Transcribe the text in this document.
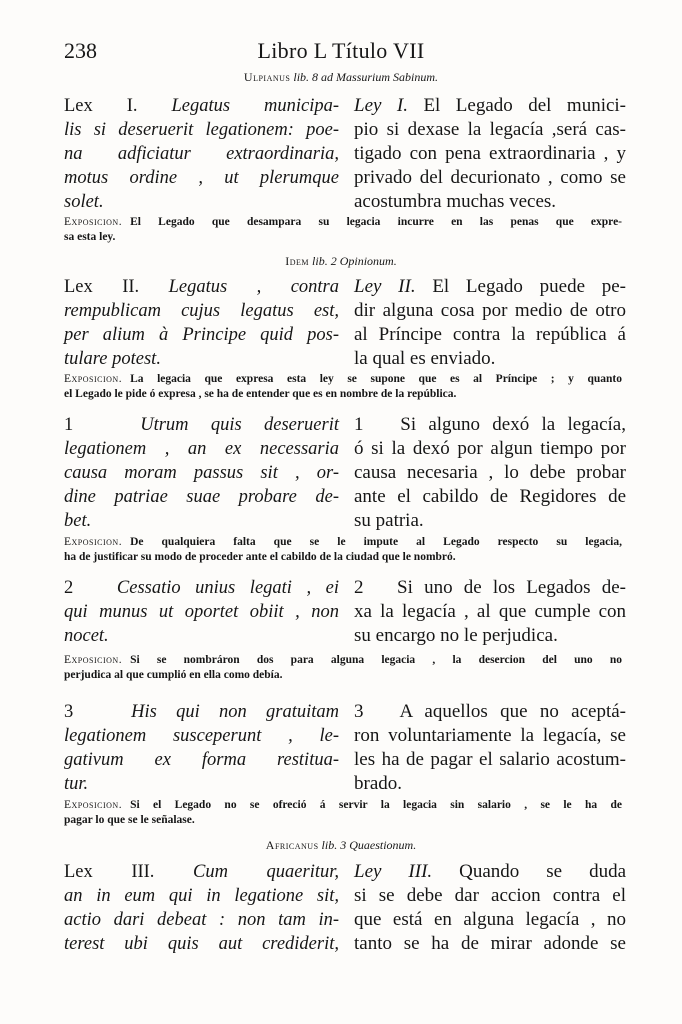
238	Libro L Título VII
Ulpianus lib. 8 ad Massurium Sabinum.
Lex I. Legatus municipa-
lis si deseruerit legationem: poe-
na adficiatur extraordinaria,
motus ordine , ut plerumque
solet.
Ley I. El Legado del munici-
pio si dexase la legacía ,será cas-
tigado con pena extraordinaria , y
privado del decurionato , como se
acostumbra muchas veces.
Exposicion. El Legado que desampara su legacia incurre en las penas que expre-
sa esta ley.
Idem lib. 2 Opinionum.
Lex II. Legatus , contra
rempublicam cujus legatus est,
per alium à Principe quid pos-
tulare potest.
Ley II. El Legado puede pe-
dir alguna cosa por medio de otro
al Príncipe contra la república á
la qual es enviado.
Exposicion. La legacia que expresa esta ley se supone que es al Príncipe ; y quanto
el Legado le pide ó expresa , se ha de entender que es en nombre de la república.
1	Utrum quis deseruerit
legationem , an ex necessaria
causa moram passus sit , or-
dine patriae suae probare de-
bet.
1 Si alguno dexó la legacía,
ó si la dexó por algun tiempo por
causa necesaria , lo debe probar
ante el cabildo de Regidores de
su patria.
Exposicion. De qualquiera falta que se le impute al Legado respecto su legacia,
ha de justificar su modo de proceder ante el cabildo de la ciudad que le nombró.
2 Cessatio unius legati , ei
qui munus ut oportet obiit , non
nocet.
2 Si uno de los Legados de-
xa la legacía , al que cumple con
su encargo no le perjudica.
Exposicion. Si se nombráron dos para alguna legacia , la desercion del uno no
perjudica al que cumplió en ella como debía.
3	His qui non gratuitam
legationem susceperunt , le-
gativum ex forma restitua-
tur.
3 A aquellos que no aceptá-
ron voluntariamente la legacía, se
les ha de pagar el salario acostum-
brado.
Exposicion. Si el Legado no se ofreció á servir la legacia sin salario , se le ha de
pagar lo que se le señalase.
Africanus lib. 3 Quaestionum.
Lex III. Cum quaeritur,
an in eum qui in legatione sit,
actio dari debeat : non tam in-
terest ubi quis aut crediderit,
Ley III. Quando se duda
si se debe dar accion contra el
que está en alguna legacía , no
tanto se ha de mirar adonde se
